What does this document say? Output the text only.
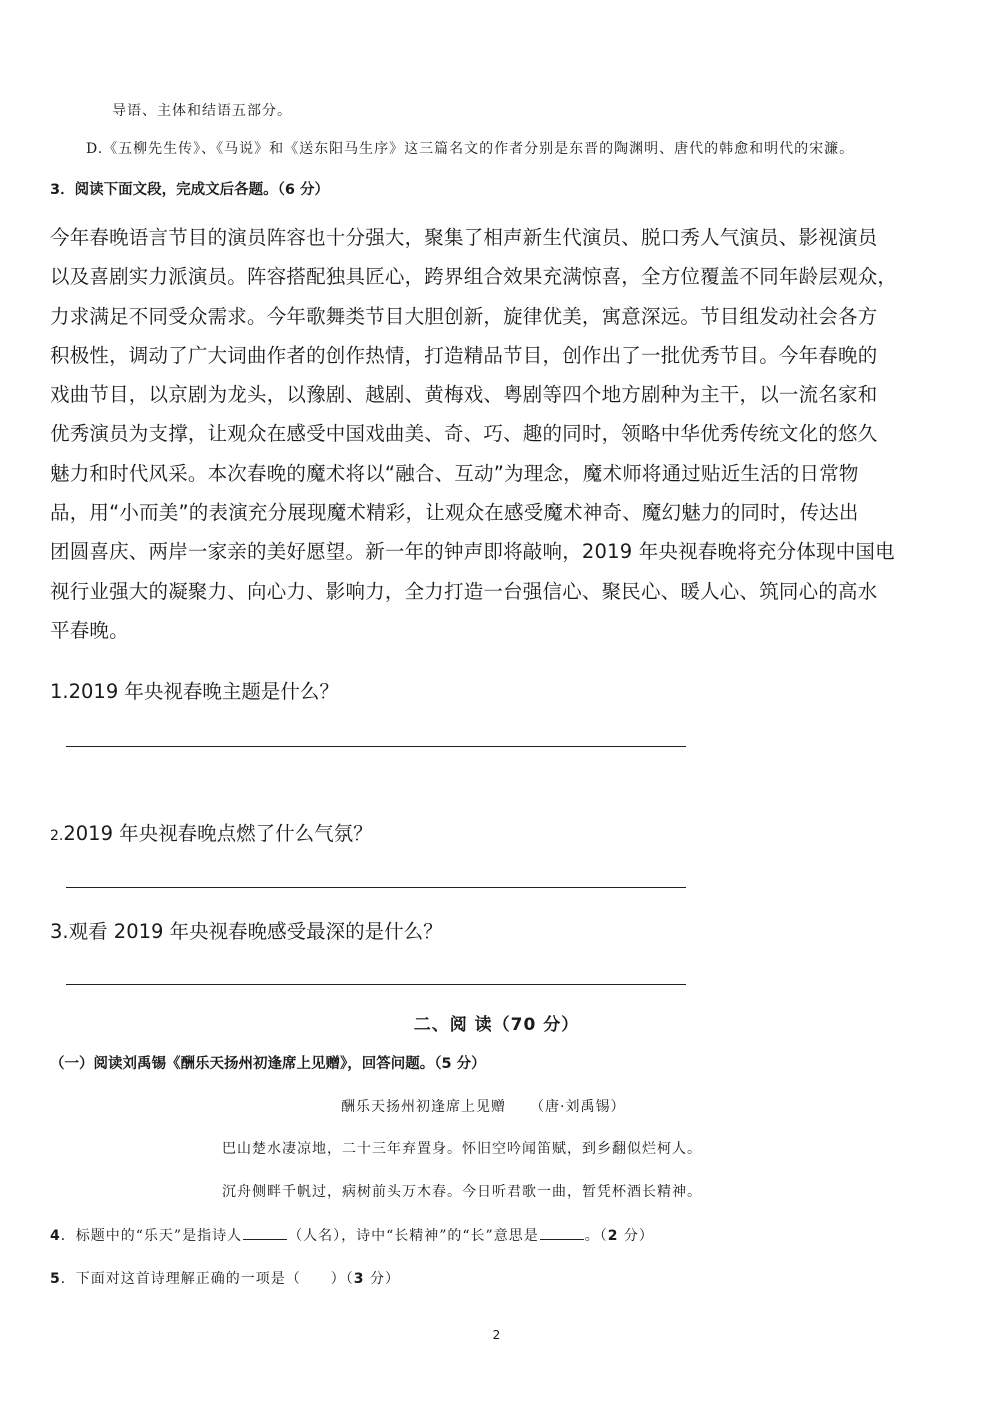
导语、主体和结语五部分。
D.《五柳先生传》、《马说》和《送东阳马生序》这三篇名文的作者分别是东晋的陶渊明、唐代的韩愈和明代的宋濂。
3．阅读下面文段，完成文后各题。（6 分）
今年春晚语言节目的演员阵容也十分强大，聚集了相声新生代演员、脱口秀人气演员、影视演员
以及喜剧实力派演员。阵容搭配独具匠心，跨界组合效果充满惊喜，全方位覆盖不同年龄层观众，
力求满足不同受众需求。今年歌舞类节目大胆创新，旋律优美，寓意深远。节目组发动社会各方
积极性，调动了广大词曲作者的创作热情，打造精品节目，创作出了一批优秀节目。今年春晚的
戏曲节目，以京剧为龙头，以豫剧、越剧、黄梅戏、粤剧等四个地方剧种为主干，以一流名家和
优秀演员为支撑，让观众在感受中国戏曲美、奇、巧、趣的同时，领略中华优秀传统文化的悠久
魅力和时代风采。本次春晚的魔术将以“融合、互动”为理念，魔术师将通过贴近生活的日常物
品，用“小而美”的表演充分展现魔术精彩，让观众在感受魔术神奇、魔幻魅力的同时，传达出
团圆喜庆、两岸一家亲的美好愿望。新一年的钟声即将敲响，2019 年央视春晚将充分体现中国电
视行业强大的凝聚力、向心力、影响力，全力打造一台强信心、聚民心、暖人心、筑同心的高水
平春晚。
1.2019 年央视春晚主题是什么？
2.2019 年央视春晚点燃了什么气氛？
3.观看 2019 年央视春晚感受最深的是什么？
二、阅 读（70 分）
（一）阅读刘禹锡《酬乐天扬州初逢席上见赠》，回答问题。（5 分）
酬乐天扬州初逢席上见赠 （唐·刘禹锡）
巴山楚水凄凉地，二十三年弃置身。怀旧空吟闻笛赋，到乡翻似烂柯人。
沉舟侧畔千帆过，病树前头万木春。今日听君歌一曲，暂凭杯酒长精神。
4．标题中的“乐天”是指诗人	（人名），诗中“长精神”的“长”意思是	。（2 分）
5．下面对这首诗理解正确的一项是（　　）（3 分）
2
